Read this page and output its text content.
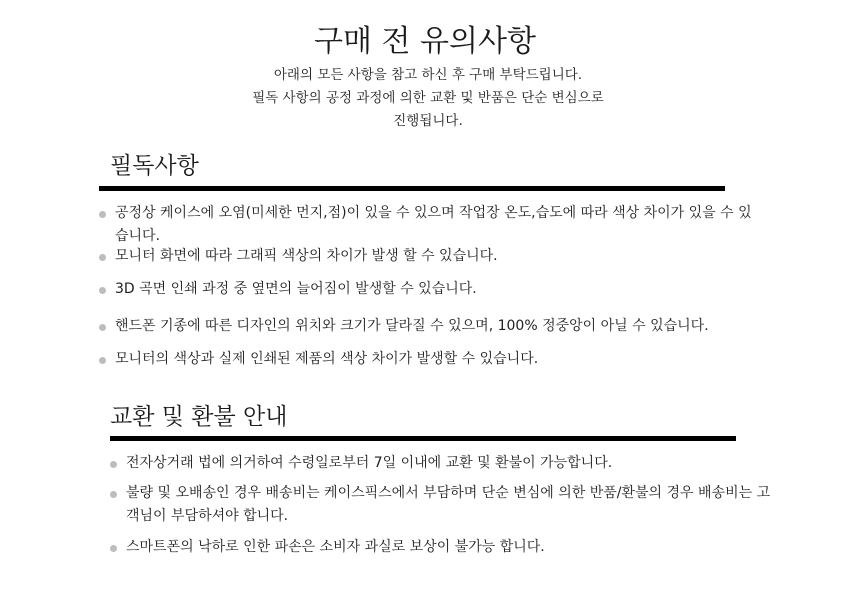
구매 전 유의사항
아래의 모든 사항을 참고 하신 후 구매 부탁드립니다.
필독 사항의 공정 과정에 의한 교환 및 반품은 단순 변심으로
진행됩니다.
필독사항
공정상 케이스에 오염(미세한 먼지,점)이 있을 수 있으며 작업장 온도,습도에 따라 색상 차이가 있을 수 있습니다.
모니터 화면에 따라 그래픽 색상의 차이가 발생 할 수 있습니다.
3D 곡면 인쇄 과정 중 옆면의 늘어짐이 발생할 수 있습니다.
핸드폰 기종에 따른 디자인의 위치와 크기가 달라질 수 있으며, 100% 정중앙이 아닐 수 있습니다.
모니터의 색상과 실제 인쇄된 제품의 색상 차이가 발생할 수 있습니다.
교환 및 환불 안내
전자상거래 법에 의거하여 수령일로부터 7일 이내에 교환 및 환불이 가능합니다.
불량 및 오배송인 경우 배송비는 케이스픽스에서 부담하며 단순 변심에 의한 반품/환불의 경우 배송비는 고객님이 부담하셔야 합니다.
스마트폰의 낙하로 인한 파손은 소비자 과실로 보상이 불가능 합니다.
